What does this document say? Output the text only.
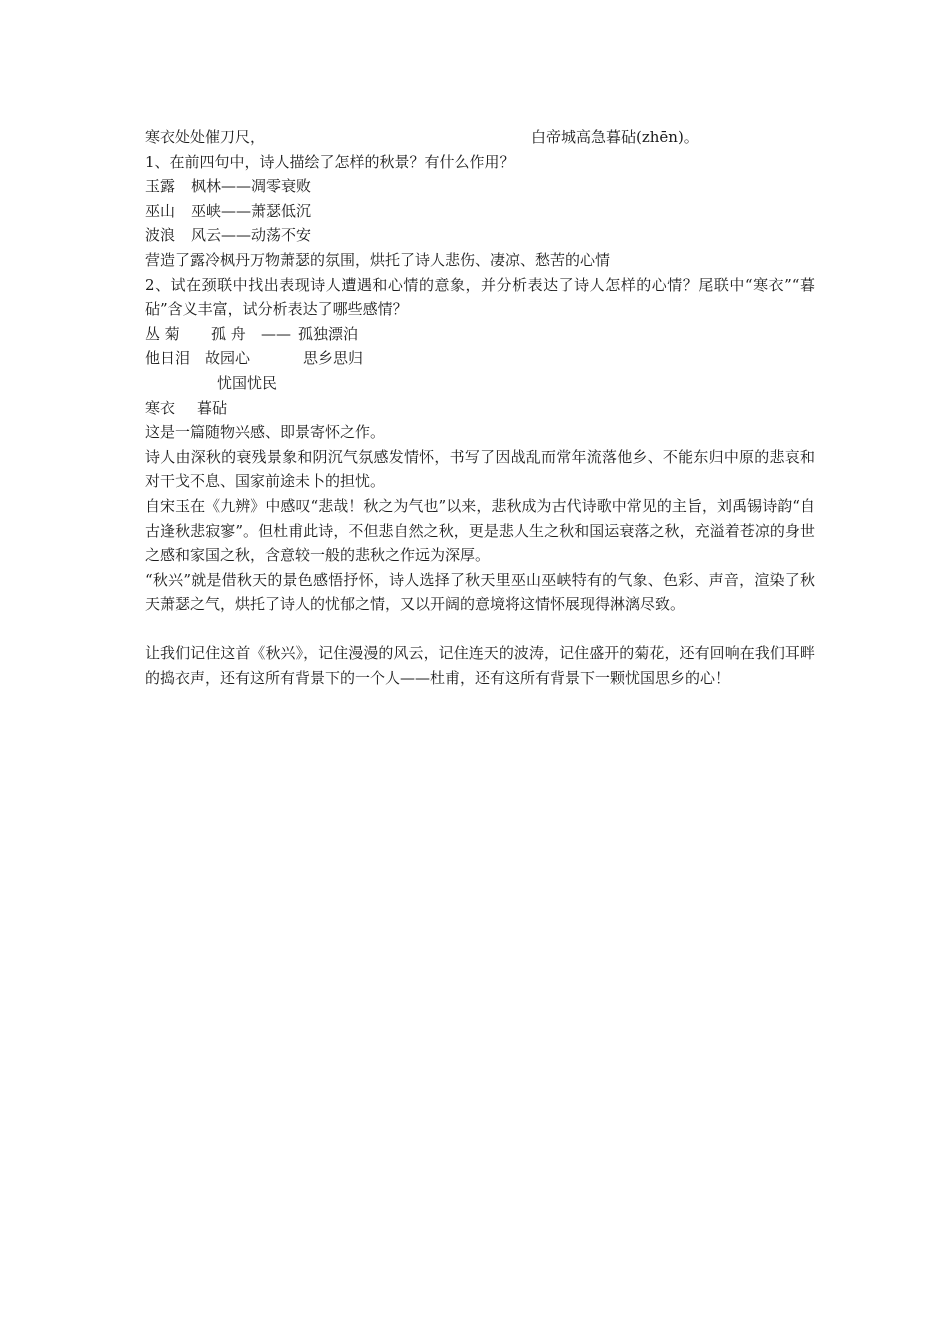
寒衣处处催刀尺，	白帝城高急暮砧(zhēn)。
1、在前四句中，诗人描绘了怎样的秋景？有什么作用？
玉露 枫林——凋零衰败
巫山 巫峡——萧瑟低沉
波浪 风云——动荡不安
营造了露冷枫丹万物萧瑟的氛围，烘托了诗人悲伤、凄凉、愁苦的心情
2、试在颈联中找出表现诗人遭遇和心情的意象，并分析表达了诗人怎样的心情？尾联中“寒衣”“暮砧”含义丰富，试分析表达了哪些感情？
丛 菊 孤 舟 —— 孤独漂泊
他日泪 故园心	思乡思归
忧国忧民
寒衣 暮砧
这是一篇随物兴感、即景寄怀之作。
诗人由深秋的衰残景象和阴沉气氛感发情怀，书写了因战乱而常年流落他乡、不能东归中原的悲哀和对干戈不息、国家前途未卜的担忧。
自宋玉在《九辨》中感叹“悲哉！秋之为气也”以来，悲秋成为古代诗歌中常见的主旨，刘禹锡诗韵“自古逢秋悲寂寥”。但杜甫此诗，不但悲自然之秋，更是悲人生之秋和国运衰落之秋，充溢着苍凉的身世之感和家国之秋，含意较一般的悲秋之作远为深厚。
“秋兴”就是借秋天的景色感悟抒怀，诗人选择了秋天里巫山巫峡特有的气象、色彩、声音，渲染了秋天萧瑟之气，烘托了诗人的忧郁之情，又以开阔的意境将这情怀展现得淋漓尽致。
让我们记住这首《秋兴》，记住漫漫的风云，记住连天的波涛，记住盛开的菊花，还有回响在我们耳畔的捣衣声，还有这所有背景下的一个人——杜甫，还有这所有背景下一颗忧国思乡的心！
